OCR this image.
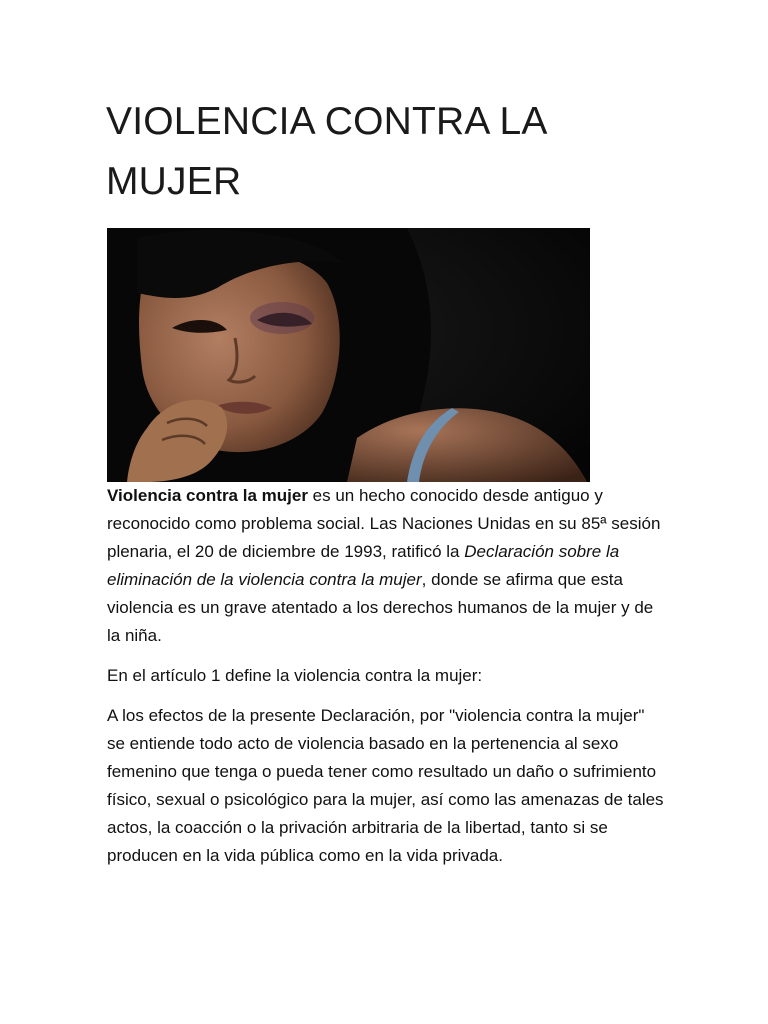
VIOLENCIA CONTRA LA MUJER

Violencia contra la mujer es un hecho conocido desde antiguo y reconocido como problema social. Las Naciones Unidas en su 85ª sesión plenaria, el 20 de diciembre de 1993, ratificó la Declaración sobre la eliminación de la violencia contra la mujer, donde se afirma que esta violencia es un grave atentado a los derechos humanos de la mujer y de la niña.

En el artículo 1 define la violencia contra la mujer:

A los efectos de la presente Declaración, por "violencia contra la mujer" se entiende todo acto de violencia basado en la pertenencia al sexo femenino que tenga o pueda tener como resultado un daño o sufrimiento físico, sexual o psicológico para la mujer, así como las amenazas de tales actos, la coacción o la privación arbitraria de la libertad, tanto si se producen en la vida pública como en la vida privada.
